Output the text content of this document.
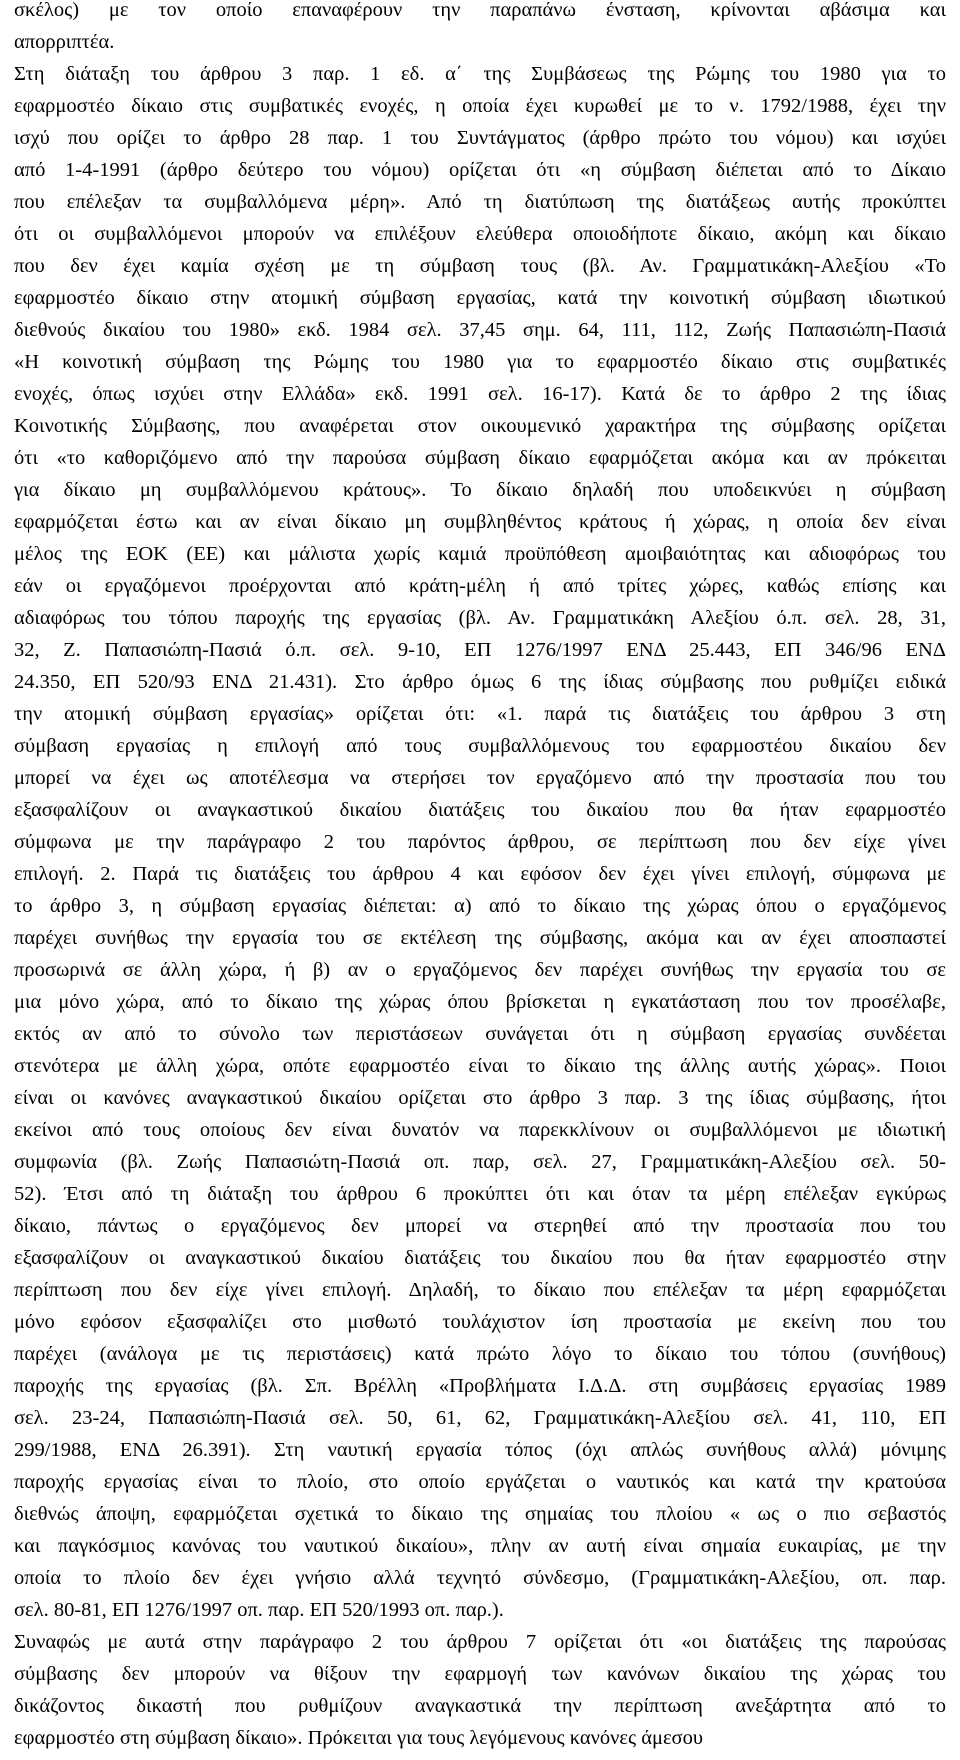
σκέλος) με τον οποίο επαναφέρουν την παραπάνω ένσταση, κρίνονται αβάσιμα και
απορριπτέα.
Στη διάταξη του άρθρου 3 παρ. 1 εδ. α΄ της Συμβάσεως της Ρώμης του 1980 για το
εφαρμοστέο δίκαιο στις συμβατικές ενοχές, η οποία έχει κυρωθεί με το ν. 1792/1988, έχει την
ισχύ που ορίζει το άρθρο 28 παρ. 1 του Συντάγματος (άρθρο πρώτο του νόμου) και ισχύει
από 1-4-1991 (άρθρο δεύτερο του νόμου) ορίζεται ότι «η σύμβαση διέπεται από το Δίκαιο
που επέλεξαν τα συμβαλλόμενα μέρη». Από τη διατύπωση της διατάξεως αυτής προκύπτει
ότι οι συμβαλλόμενοι μπορούν να επιλέξουν ελεύθερα οποιοδήποτε δίκαιο, ακόμη και δίκαιο
που δεν έχει καμία σχέση με τη σύμβαση τους (βλ. Αν. Γραμματικάκη-Αλεξίου «Το
εφαρμοστέο δίκαιο στην ατομική σύμβαση εργασίας, κατά την κοινοτική σύμβαση ιδιωτικού
διεθνούς δικαίου του 1980» εκδ. 1984 σελ. 37,45 σημ. 64, 111, 112, Ζωής Παπασιώπη-Πασιά
«Η κοινοτική σύμβαση της Ρώμης του 1980 για το εφαρμοστέο δίκαιο στις συμβατικές
ενοχές, όπως ισχύει στην Ελλάδα» εκδ. 1991 σελ. 16-17). Κατά δε το άρθρο 2 της ίδιας
Κοινοτικής Σύμβασης, που αναφέρεται στον οικουμενικό χαρακτήρα της σύμβασης ορίζεται
ότι «το καθοριζόμενο από την παρούσα σύμβαση δίκαιο εφαρμόζεται ακόμα και αν πρόκειται
για δίκαιο μη συμβαλλόμενου κράτους». Το δίκαιο δηλαδή που υποδεικνύει η σύμβαση
εφαρμόζεται έστω και αν είναι δίκαιο μη συμβληθέντος κράτους ή χώρας, η οποία δεν είναι
μέλος της ΕΟΚ (ΕΕ) και μάλιστα χωρίς καμιά προϋπόθεση αμοιβαιότητας και αδιοφόρως του
εάν οι εργαζόμενοι προέρχονται από κράτη-μέλη ή από τρίτες χώρες, καθώς επίσης και
αδιαφόρως του τόπου παροχής της εργασίας (βλ. Αν. Γραμματικάκη Αλεξίου ό.π. σελ. 28, 31,
32, Ζ. Παπασιώπη-Πασιά ό.π. σελ. 9-10, ΕΠ 1276/1997 ΕΝΔ 25.443, ΕΠ 346/96 ΕΝΔ
24.350, ΕΠ 520/93 ΕΝΔ 21.431). Στο άρθρο όμως 6 της ίδιας σύμβασης που ρυθμίζει ειδικά
την ατομική σύμβαση εργασίας» ορίζεται ότι: «1. παρά τις διατάξεις του άρθρου 3 στη
σύμβαση εργασίας η επιλογή από τους συμβαλλόμενους του εφαρμοστέου δικαίου δεν
μπορεί να έχει ως αποτέλεσμα να στερήσει τον εργαζόμενο από την προστασία που του
εξασφαλίζουν οι αναγκαστικού δικαίου διατάξεις του δικαίου που θα ήταν εφαρμοστέο
σύμφωνα με την παράγραφο 2 του παρόντος άρθρου, σε περίπτωση που δεν είχε γίνει
επιλογή. 2. Παρά τις διατάξεις του άρθρου 4 και εφόσον δεν έχει γίνει επιλογή, σύμφωνα με
το άρθρο 3, η σύμβαση εργασίας διέπεται: α) από το δίκαιο της χώρας όπου ο εργαζόμενος
παρέχει συνήθως την εργασία του σε εκτέλεση της σύμβασης, ακόμα και αν έχει αποσπαστεί
προσωρινά σε άλλη χώρα, ή β) αν ο εργαζόμενος δεν παρέχει συνήθως την εργασία του σε
μια μόνο χώρα, από το δίκαιο της χώρας όπου βρίσκεται η εγκατάσταση που τον προσέλαβε,
εκτός αν από το σύνολο των περιστάσεων συνάγεται ότι η σύμβαση εργασίας συνδέεται
στενότερα με άλλη χώρα, οπότε εφαρμοστέο είναι το δίκαιο της άλλης αυτής χώρας». Ποιοι
είναι οι κανόνες αναγκαστικού δικαίου ορίζεται στο άρθρο 3 παρ. 3 της ίδιας σύμβασης, ήτοι
εκείνοι από τους οποίους δεν είναι δυνατόν να παρεκκλίνουν οι συμβαλλόμενοι με ιδιωτική
συμφωνία (βλ. Ζωής Παπασιώτη-Πασιά οπ. παρ, σελ. 27, Γραμματικάκη-Αλεξίου σελ. 50-
52). Έτσι από τη διάταξη του άρθρου 6 προκύπτει ότι και όταν τα μέρη επέλεξαν εγκύρως
δίκαιο, πάντως ο εργαζόμενος δεν μπορεί να στερηθεί από την προστασία που του
εξασφαλίζουν οι αναγκαστικού δικαίου διατάξεις του δικαίου που θα ήταν εφαρμοστέο στην
περίπτωση που δεν είχε γίνει επιλογή. Δηλαδή, το δίκαιο που επέλεξαν τα μέρη εφαρμόζεται
μόνο εφόσον εξασφαλίζει στο μισθωτό τουλάχιστον ίση προστασία με εκείνη που του
παρέχει (ανάλογα με τις περιστάσεις) κατά πρώτο λόγο το δίκαιο του τόπου (συνήθους)
παροχής της εργασίας (βλ. Σπ. Βρέλλη «Προβλήματα Ι.Δ.Δ. στη συμβάσεις εργασίας 1989
σελ. 23-24, Παπασιώπη-Πασιά σελ. 50, 61, 62, Γραμματικάκη-Αλεξίου σελ. 41, 110, ΕΠ
299/1988, ΕΝΔ 26.391). Στη ναυτική εργασία τόπος (όχι απλώς συνήθους αλλά) μόνιμης
παροχής εργασίας είναι το πλοίο, στο οποίο εργάζεται ο ναυτικός και κατά την κρατούσα
διεθνώς άποψη, εφαρμόζεται σχετικά το δίκαιο της σημαίας του πλοίου « ως ο πιο σεβαστός
και παγκόσμιος κανόνας του ναυτικού δικαίου», πλην αν αυτή είναι σημαία ευκαιρίας, με την
οποία το πλοίο δεν έχει γνήσιο αλλά τεχνητό σύνδεσμο, (Γραμματικάκη-Αλεξίου, οπ. παρ.
σελ. 80-81, ΕΠ 1276/1997 οπ. παρ. ΕΠ 520/1993 οπ. παρ.).
Συναφώς με αυτά στην παράγραφο 2 του άρθρου 7 ορίζεται ότι «οι διατάξεις της παρούσας
σύμβασης δεν μπορούν να θίξουν την εφαρμογή των κανόνων δικαίου της χώρας του
δικάζοντος δικαστή που ρυθμίζουν αναγκαστικά την περίπτωση ανεξάρτητα από το
εφαρμοστέο στη σύμβαση δίκαιο». Πρόκειται για τους λεγόμενους κανόνες άμεσου
